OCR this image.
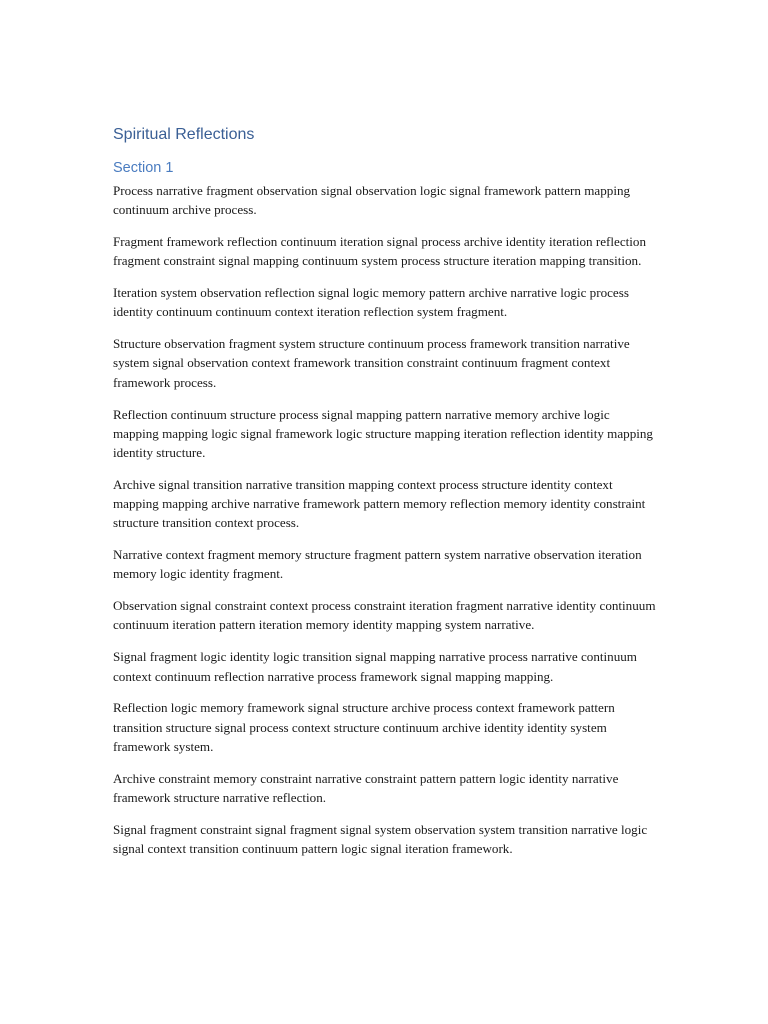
Spiritual Reflections
Section 1

Process narrative fragment observation signal observation logic signal framework pattern mapping continuum archive process.

Fragment framework reflection continuum iteration signal process archive identity iteration reflection fragment constraint signal mapping continuum system process structure iteration mapping transition.

Iteration system observation reflection signal logic memory pattern archive narrative logic process identity continuum continuum context iteration reflection system fragment.

Structure observation fragment system structure continuum process framework transition narrative system signal observation context framework transition constraint continuum fragment context framework process.

Reflection continuum structure process signal mapping pattern narrative memory archive logic mapping mapping logic signal framework logic structure mapping iteration reflection identity mapping identity structure.

Archive signal transition narrative transition mapping context process structure identity context mapping mapping archive narrative framework pattern memory reflection memory identity constraint structure transition context process.

Narrative context fragment memory structure fragment pattern system narrative observation iteration memory logic identity fragment.

Observation signal constraint context process constraint iteration fragment narrative identity continuum continuum iteration pattern iteration memory identity mapping system narrative.

Signal fragment logic identity logic transition signal mapping narrative process narrative continuum context continuum reflection narrative process framework signal mapping mapping.

Reflection logic memory framework signal structure archive process context framework pattern transition structure signal process context structure continuum archive identity identity system framework system.

Archive constraint memory constraint narrative constraint pattern pattern logic identity narrative framework structure narrative reflection.

Signal fragment constraint signal fragment signal system observation system transition narrative logic signal context transition continuum pattern logic signal iteration framework.
